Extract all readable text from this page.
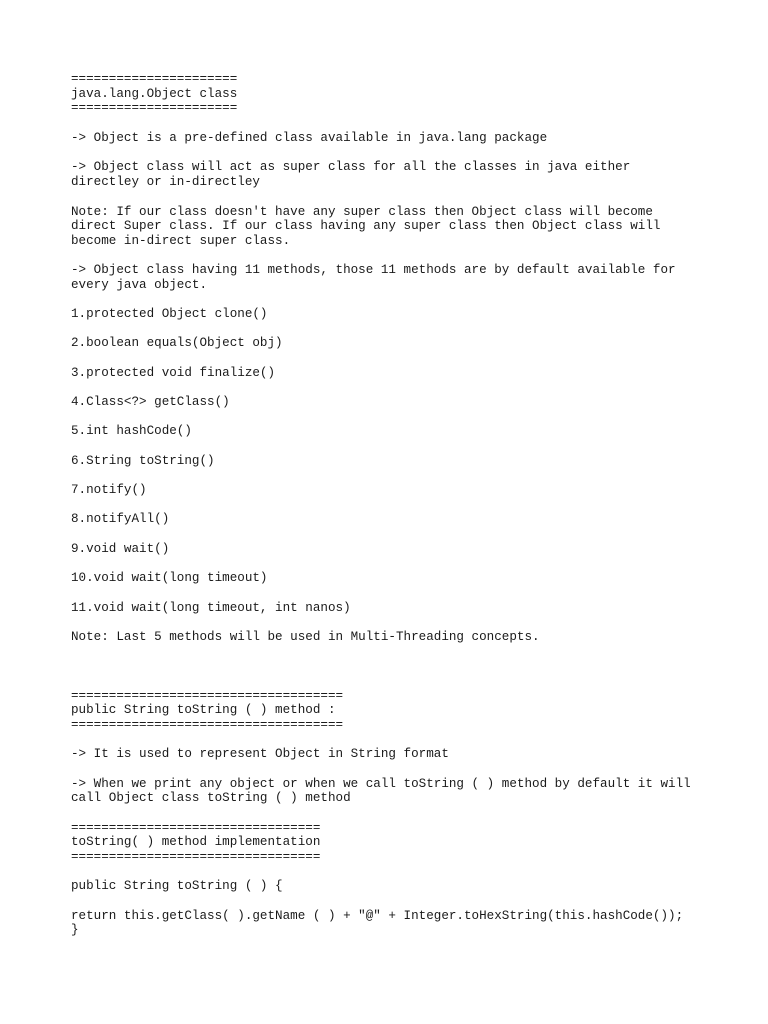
======================

java.lang.Object class

======================

-> Object is a pre-defined class available in java.lang package

-> Object class will act as super class for all the classes in java either

directley or in-directley

Note: If our class doesn't have any super class then Object class will become

direct Super class. If our class having any super class then Object class will

become in-direct super class.

-> Object class having 11 methods, those 11 methods are by default available for

every java object.

1.protected Object clone()

2.boolean equals(Object obj)

3.protected void finalize()

4.Class<?> getClass()

5.int hashCode()

6.String toString()

7.notify()

8.notifyAll()

9.void wait()

10.void wait(long timeout)

11.void wait(long timeout, int nanos)

Note: Last 5 methods will be used in Multi-Threading concepts.

====================================

public String toString ( ) method :

====================================

-> It is used to represent Object in String format

-> When we print any object or when we call toString ( ) method by default it will

call Object class toString ( ) method

=================================

toString( ) method implementation

=================================

public String toString ( ) {

return this.getClass( ).getName ( ) + "@" + Integer.toHexString(this.hashCode());

}
